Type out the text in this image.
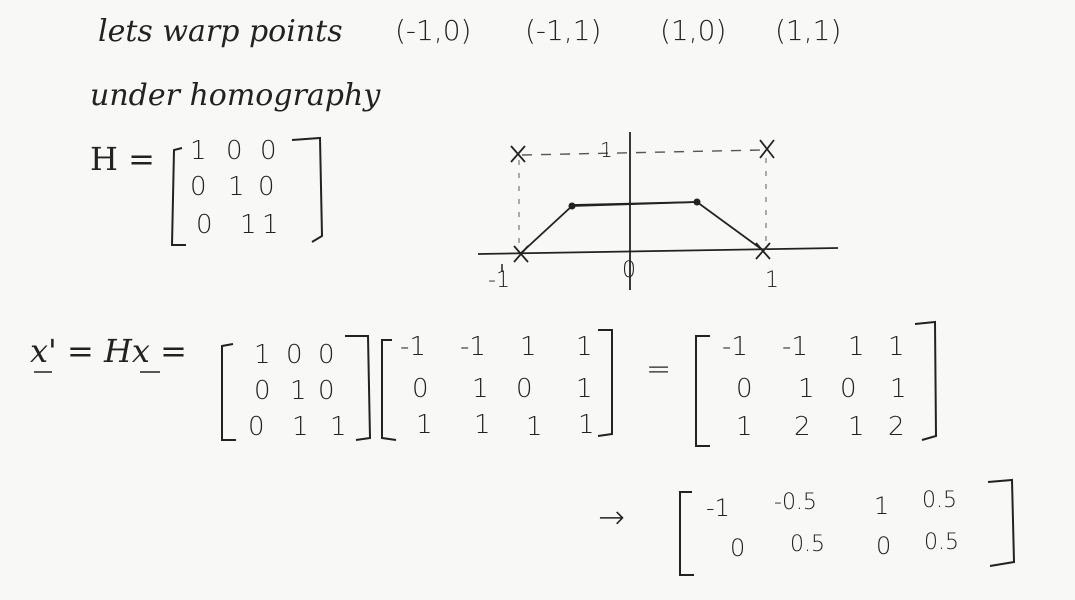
lets warp points (-1,0) (-1,1) (1,0) (1,1)
under homography
H = 1 0 0
0 1 0
0 1 1
1
-1	0	1
x' = Hx =	1 0 0
0 1 0
0 1 1
-1 -1 1 1
0 1 0 1
1 1 1 1
=
-1 -1 1 1
0 1 0 1
1 2 1 2
→	-1 -0.5 1 0.5
0 0.5 0 0.5
